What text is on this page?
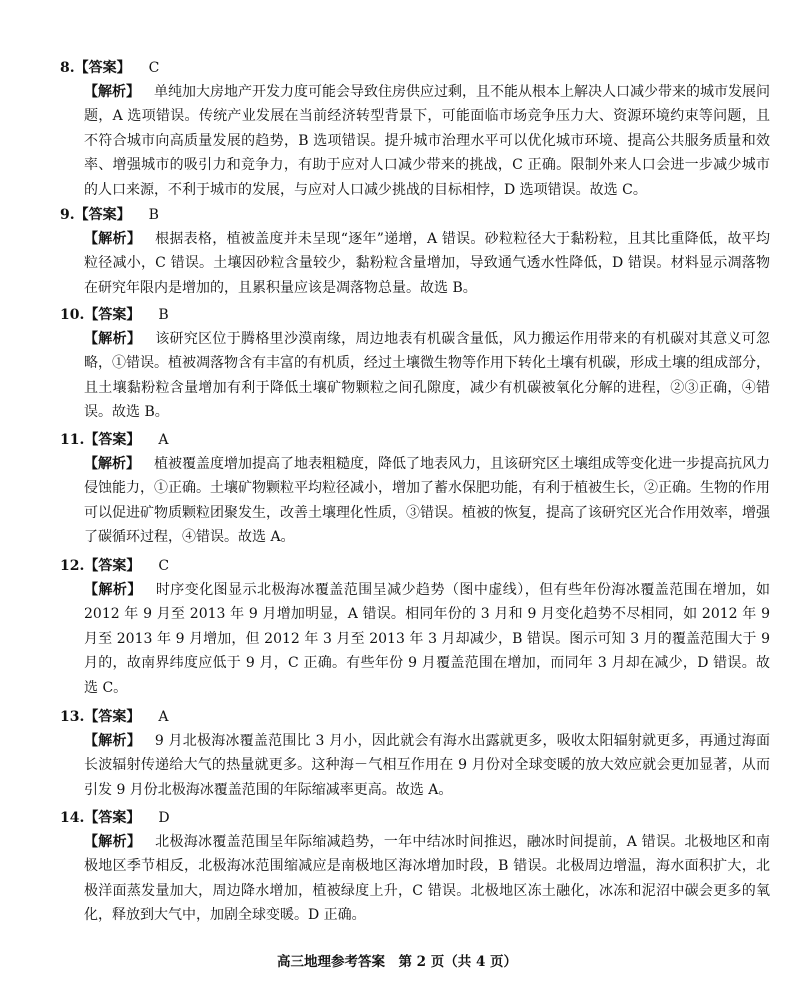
8.【答案】 C
【解析】 单纯加大房地产开发力度可能会导致住房供应过剩，且不能从根本上解决人口减少带来的城市发展问题，A 选项错误。传统产业发展在当前经济转型背景下，可能面临市场竞争压力大、资源环境约束等问题，且不符合城市向高质量发展的趋势，B 选项错误。提升城市治理水平可以优化城市环境、提高公共服务质量和效率、增强城市的吸引力和竞争力，有助于应对人口减少带来的挑战，C 正确。限制外来人口会进一步减少城市的人口来源，不利于城市的发展，与应对人口减少挑战的目标相悖，D 选项错误。故选 C。
9.【答案】 B
【解析】 根据表格，植被盖度并未呈现“逐年”递增，A 错误。砂粒粒径大于黏粉粒，且其比重降低，故平均粒径减小，C 错误。土壤因砂粒含量较少，黏粉粒含量增加，导致通气透水性降低，D 错误。材料显示凋落物在研究年限内是增加的，且累积量应该是凋落物总量。故选 B。
10.【答案】 B
【解析】 该研究区位于腾格里沙漠南缘，周边地表有机碳含量低，风力搬运作用带来的有机碳对其意义可忽略，①错误。植被凋落物含有丰富的有机质，经过土壤微生物等作用下转化土壤有机碳，形成土壤的组成部分，且土壤黏粉粒含量增加有利于降低土壤矿物颗粒之间孔隙度，减少有机碳被氧化分解的进程，②③正确，④错误。故选 B。
11.【答案】 A
【解析】 植被覆盖度增加提高了地表粗糙度，降低了地表风力，且该研究区土壤组成等变化进一步提高抗风力侵蚀能力，①正确。土壤矿物颗粒平均粒径减小，增加了蓄水保肥功能，有利于植被生长，②正确。生物的作用可以促进矿物质颗粒团聚发生，改善土壤理化性质，③错误。植被的恢复，提高了该研究区光合作用效率，增强了碳循环过程，④错误。故选 A。
12.【答案】 C
【解析】 时序变化图显示北极海冰覆盖范围呈减少趋势（图中虚线），但有些年份海冰覆盖范围在增加，如 2012 年 9 月至 2013 年 9 月增加明显，A 错误。相同年份的 3 月和 9 月变化趋势不尽相同，如 2012 年 9 月至 2013 年 9 月增加，但 2012 年 3 月至 2013 年 3 月却减少，B 错误。图示可知 3 月的覆盖范围大于 9 月的，故南界纬度应低于 9 月，C 正确。有些年份 9 月覆盖范围在增加，而同年 3 月却在减少，D 错误。故选 C。
13.【答案】 A
【解析】 9 月北极海冰覆盖范围比 3 月小，因此就会有海水出露就更多，吸收太阳辐射就更多，再通过海面长波辐射传递给大气的热量就更多。这种海－气相互作用在 9 月份对全球变暖的放大效应就会更加显著，从而引发 9 月份北极海冰覆盖范围的年际缩减率更高。故选 A。
14.【答案】 D
【解析】 北极海冰覆盖范围呈年际缩减趋势，一年中结冰时间推迟，融冰时间提前，A 错误。北极地区和南极地区季节相反，北极海冰范围缩减应是南极地区海冰增加时段，B 错误。北极周边增温，海水面积扩大，北极洋面蒸发量加大，周边降水增加，植被绿度上升，C 错误。北极地区冻土融化，冰冻和泥沼中碳会更多的氧化，释放到大气中，加剧全球变暖。D 正确。
高三地理参考答案　第 2 页（共 4 页）
